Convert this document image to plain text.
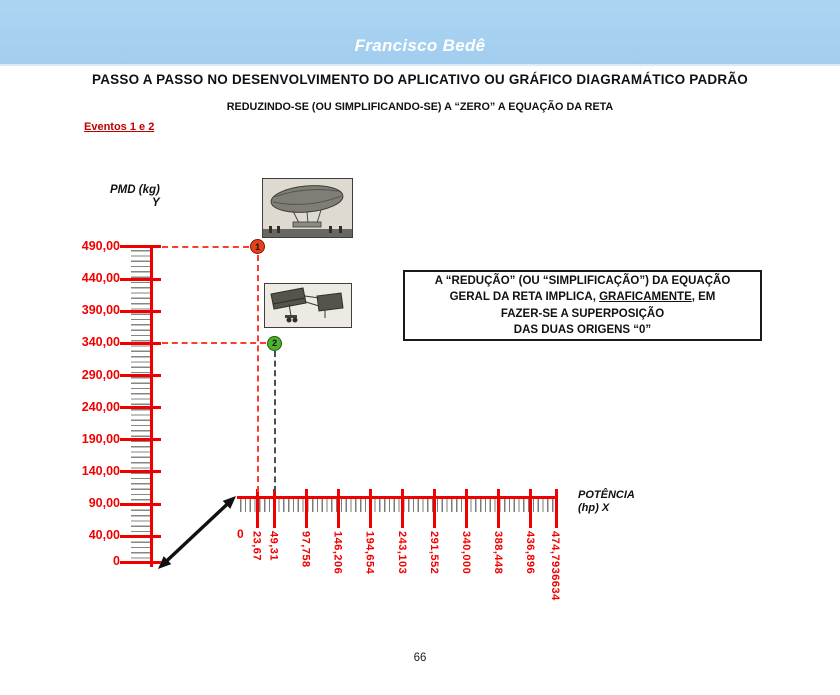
Francisco Bedê
PASSO A PASSO NO DESENVOLVIMENTO DO APLICATIVO OU GRÁFICO DIAGRAMÁTICO PADRÃO
REDUZINDO-SE (OU SIMPLIFICANDO-SE) A “ZERO” A EQUAÇÃO DA RETA
Eventos 1 e 2
PMD (kg)
Y
POTÊNCIA
(hp) X
A “REDUÇÃO” (OU “SIMPLIFICAÇÃO”) DA EQUAÇÃO
GERAL DA RETA IMPLICA, GRAFICAMENTE, EM
FAZER-SE A SUPERPOSIÇÃO
DAS DUAS ORIGENS “0”
490,00
440,00
390,00
340,00
290,00
240,00
190,00
140,00
90,00
40,00
0
0 23,67 49,31 97,758 146,206 194,654 243,103 291,552 340,000 388,448 436,896 474,7936634
1
2
66
